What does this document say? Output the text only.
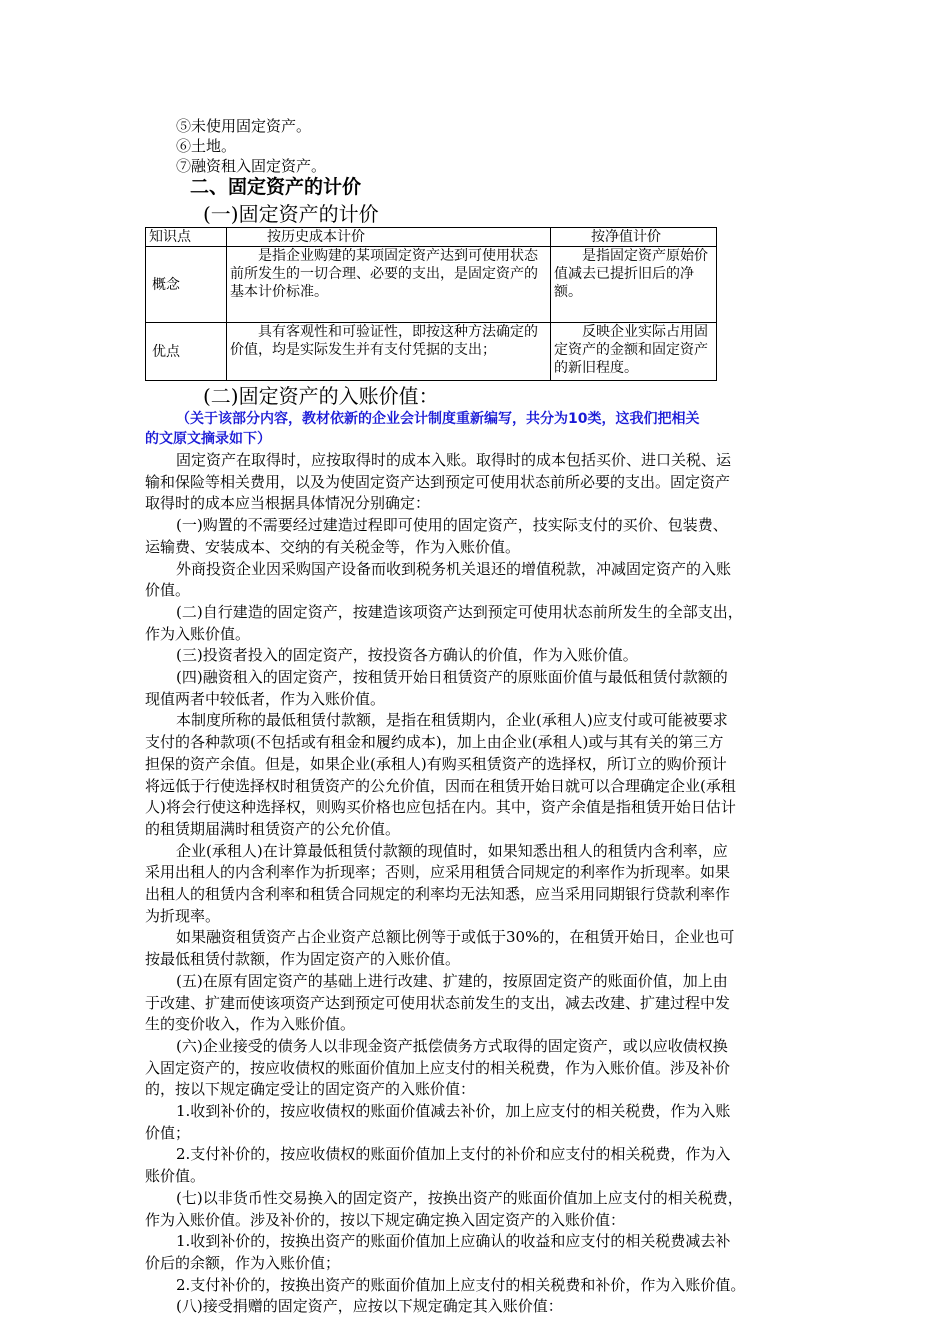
⑤未使用固定资产。
⑥土地。
⑦融资租入固定资产。
二、固定资产的计价
(一)固定资产的计价
知识点	按历史成本计价	按净值计价
概念	是指企业购建的某项固定资产达到可使用状态前所发生的一切合理、必要的支出，是固定资产的基本计价标准。	是指固定资产原始价值减去已提折旧后的净额。
优点	具有客观性和可验证性，即按这种方法确定的价值，均是实际发生并有支付凭据的支出；	反映企业实际占用固定资产的金额和固定资产的新旧程度。
(二)固定资产的入账价值：
（关于该部分内容，教材依新的企业会计制度重新编写，共分为10类，这我们把相关
的文原文摘录如下）
固定资产在取得时，应按取得时的成本入账。取得时的成本包括买价、进口关税、运
输和保险等相关费用，以及为使固定资产达到预定可使用状态前所必要的支出。固定资产
取得时的成本应当根据具体情况分别确定：
(一)购置的不需要经过建造过程即可使用的固定资产，技实际支付的买价、包装费、
运输费、安装成本、交纳的有关税金等，作为入账价值。
外商投资企业因采购国产设备而收到税务机关退还的增值税款，冲减固定资产的入账
价值。
(二)自行建造的固定资产，按建造该项资产达到预定可使用状态前所发生的全部支出，
作为入账价值。
(三)投资者投入的固定资产，按投资各方确认的价值，作为入账价值。
(四)融资租入的固定资产，按租赁开始日租赁资产的原账面价值与最低租赁付款额的
现值两者中较低者，作为入账价值。
本制度所称的最低租赁付款额，是指在租赁期内，企业(承租人)应支付或可能被要求
支付的各种款项(不包括或有租金和履约成本)，加上由企业(承租人)或与其有关的第三方
担保的资产余值。但是，如果企业(承租人)有购买租赁资产的选择权，所订立的购价预计
将远低于行使选择权时租赁资产的公允价值，因而在租赁开始日就可以合理确定企业(承租
人)将会行使这种选择权，则购买价格也应包括在内。其中，资产余值是指租赁开始日估计
的租赁期届满时租赁资产的公允价值。
企业(承租人)在计算最低租赁付款额的现值时，如果知悉出租人的租赁内含利率，应
采用出租人的内含利率作为折现率；否则，应采用租赁合同规定的利率作为折现率。如果
出租人的租赁内含利率和租赁合同规定的利率均无法知悉，应当采用同期银行贷款利率作
为折现率。
如果融资租赁资产占企业资产总额比例等于或低于30%的，在租赁开始日，企业也可
按最低租赁付款额，作为固定资产的入账价值。
(五)在原有固定资产的基础上进行改建、扩建的，按原固定资产的账面价值，加上由
于改建、扩建而使该项资产达到预定可使用状态前发生的支出，减去改建、扩建过程中发
生的变价收入，作为入账价值。
(六)企业接受的债务人以非现金资产抵偿债务方式取得的固定资产，或以应收债权换
入固定资产的，按应收债权的账面价值加上应支付的相关税费，作为入账价值。涉及补价
的，按以下规定确定受让的固定资产的入账价值：
1.收到补价的，按应收债权的账面价值减去补价，加上应支付的相关税费，作为入账
价值；
2.支付补价的，按应收债权的账面价值加上支付的补价和应支付的相关税费，作为入
账价值。
(七)以非货币性交易换入的固定资产，按换出资产的账面价值加上应支付的相关税费，
作为入账价值。涉及补价的，按以下规定确定换入固定资产的入账价值：
1.收到补价的，按换出资产的账面价值加上应确认的收益和应支付的相关税费减去补
价后的余额，作为入账价值；
2.支付补价的，按换出资产的账面价值加上应支付的相关税费和补价，作为入账价值。
(八)接受捐赠的固定资产，应按以下规定确定其入账价值：
